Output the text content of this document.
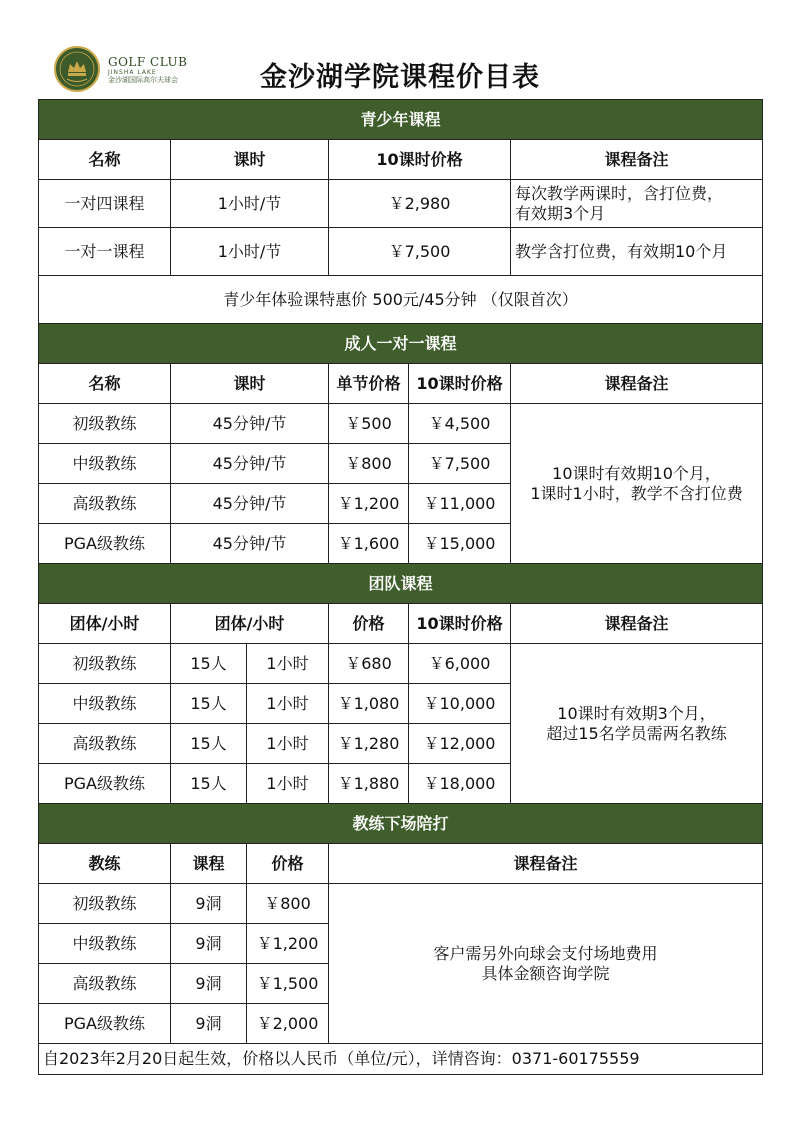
GOLF CLUB
JINSHA LAKE
金沙湖国际高尔夫球会	金沙湖学院课程价目表
青少年课程					
名称	课时		10课时价格		课程备注
一对四课程	1小时/节		￥2,980		每次教学两课时，含打位费，
有效期3个月

一对一课程	1小时/节		￥7,500		教学含打位费，有效期10个月
青少年体验课特惠价 500元/45分钟 （仅限首次）					
成人一对一课程					
名称	课时		单节价格	10课时价格	课程备注
初级教练	45分钟/节		￥500	￥4,500	10课时有效期10个月，
1课时1小时，教学不含打位费

中级教练	45分钟/节		￥800	￥7,500	
高级教练	45分钟/节		￥1,200	￥11,000	
PGA级教练	45分钟/节		￥1,600	￥15,000	
团队课程					
团体/小时	团体/小时		价格	10课时价格	课程备注
初级教练	15人	1小时	￥680	￥6,000	10课时有效期3个月，
超过15名学员需两名教练

中级教练	15人	1小时	￥1,080	￥10,000	
高级教练	15人	1小时	￥1,280	￥12,000	
PGA级教练	15人	1小时	￥1,880	￥18,000	
教练下场陪打					
教练	课程	价格	课程备注		
初级教练	9洞	￥800	客户需另外向球会支付场地费用
具体金额咨询学院		

中级教练	9洞	￥1,200			
高级教练	9洞	￥1,500			
PGA级教练	9洞	￥2,000			
自2023年2月20日起生效，价格以人民币（单位/元），详情咨询：0371-60175559					
